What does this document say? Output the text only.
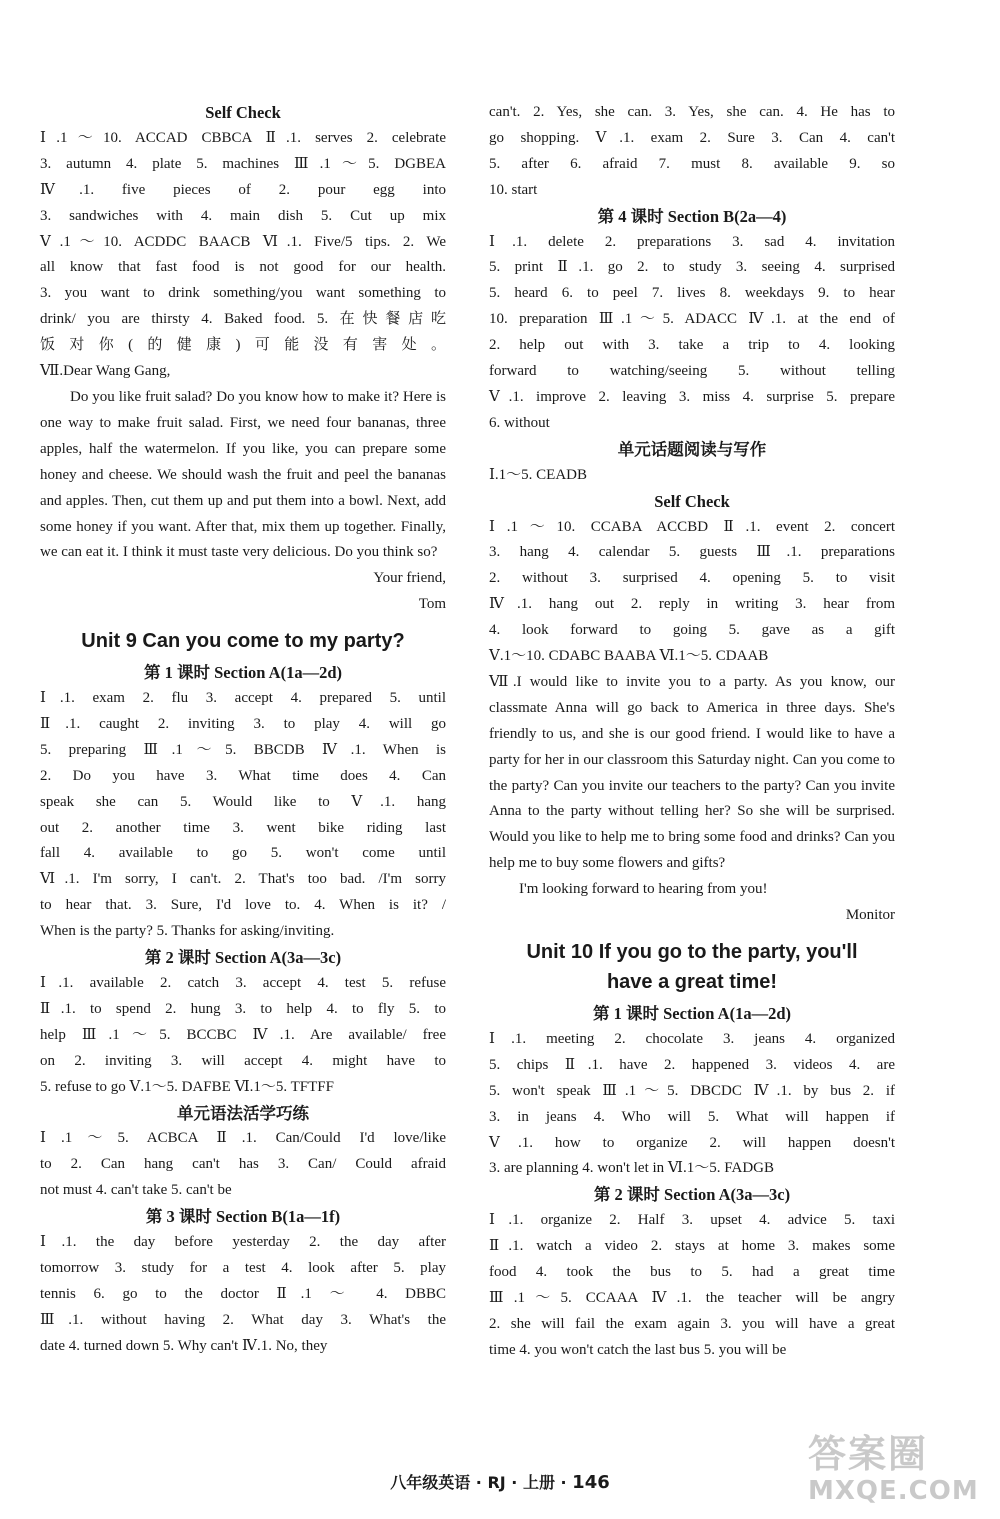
Self Check
Ⅰ.1～10. ACCAD CBBCA Ⅱ.1. serves 2. celebrate
3. autumn 4. plate 5. machines Ⅲ.1～5. DGBEA
Ⅳ.1. five pieces of 2. pour egg into
3. sandwiches with 4. main dish 5. Cut up mix
Ⅴ.1～10. ACDDC BAACB Ⅵ.1. Five/5 tips. 2. We
all know that fast food is not good for our health.
3. you want to drink something/you want something to
drink/ you are thirsty 4. Baked food. 5. 在快餐店吃
饭对你(的健康)可能没有害处。
Ⅶ.Dear Wang Gang,
Do you like fruit salad? Do you know how to make it? Here is one way to make fruit salad. First, we need four bananas, three apples, half the watermelon. If you like, you can prepare some honey and cheese. We should wash the fruit and peel the bananas and apples. Then, cut them up and put them into a bowl. Next, add some honey if you want. After that, mix them up together. Finally, we can eat it. I think it must taste very delicious. Do you think so?
Your friend,
Tom
Unit 9 Can you come to my party?
第 1 课时 Section A(1a—2d)
Ⅰ.1. exam 2. flu 3. accept 4. prepared 5. until
Ⅱ.1. caught 2. inviting 3. to play 4. will go
5. preparing Ⅲ.1～5. BBCDB Ⅳ.1. When is
2. Do you have 3. What time does 4. Can
speak she can 5. Would like to Ⅴ.1. hang
out 2. another time 3. went bike riding last
fall 4. available to go 5. won't come until
Ⅵ.1. I'm sorry, I can't. 2. That's too bad. /I'm sorry
to hear that. 3. Sure, I'd love to. 4. When is it? /
When is the party? 5. Thanks for asking/inviting.
第 2 课时 Section A(3a—3c)
Ⅰ.1. available 2. catch 3. accept 4. test 5. refuse
Ⅱ.1. to spend 2. hung 3. to help 4. to fly 5. to
help Ⅲ.1～5. BCCBC Ⅳ.1. Are available/ free
on 2. inviting 3. will accept 4. might have to
5. refuse to go Ⅴ.1～5. DAFBE Ⅵ.1～5. TFTFF
单元语法活学巧练
Ⅰ.1～5. ACBCA Ⅱ.1. Can/Could I'd love/like
to 2. Can hang can't has 3. Can/ Could afraid
not must 4. can't take 5. can't be
第 3 课时 Section B(1a—1f)
Ⅰ.1. the day before yesterday 2. the day after
tomorrow 3. study for a test 4. look after 5. play
tennis 6. go to the doctor Ⅱ.1 ～ 4. DBBC
Ⅲ.1. without having 2. What day 3. What's the
date 4. turned down 5. Why can't Ⅳ.1. No, they
can't. 2. Yes, she can. 3. Yes, she can. 4. He has to
go shopping. Ⅴ.1. exam 2. Sure 3. Can 4. can't
5. after 6. afraid 7. must 8. available 9. so
10. start
第 4 课时 Section B(2a—4)
Ⅰ.1. delete 2. preparations 3. sad 4. invitation
5. print Ⅱ.1. go 2. to study 3. seeing 4. surprised
5. heard 6. to peel 7. lives 8. weekdays 9. to hear
10. preparation Ⅲ.1～5. ADACC Ⅳ.1. at the end of
2. help out with 3. take a trip to 4. looking
forward to watching/seeing 5. without telling
Ⅴ.1. improve 2. leaving 3. miss 4. surprise 5. prepare
6. without
单元话题阅读与写作
Ⅰ.1～5. CEADB
Self Check
Ⅰ.1～10. CCABA ACCBD Ⅱ.1. event 2. concert
3. hang 4. calendar 5. guests Ⅲ.1. preparations
2. without 3. surprised 4. opening 5. to visit
Ⅳ.1. hang out 2. reply in writing 3. hear from
4. look forward to going 5. gave as a gift
Ⅴ.1～10. CDABC BAABA Ⅵ.1～5. CDAAB
Ⅶ.I would like to invite you to a party. As you know, our classmate Anna will go back to America in three days. She's friendly to us, and she is our good friend. I would like to have a party for her in our classroom this Saturday night. Can you come to the party? Can you invite our teachers to the party? Can you invite Anna to the party without telling her? So she will be surprised. Would you like to help me to bring some food and drinks? Can you help me to buy some flowers and gifts?
I'm looking forward to hearing from you!
Monitor
Unit 10 If you go to the party, you'll
have a great time!
第 1 课时 Section A(1a—2d)
Ⅰ.1. meeting 2. chocolate 3. jeans 4. organized
5. chips Ⅱ.1. have 2. happened 3. videos 4. are
5. won't speak Ⅲ.1～5. DBCDC Ⅳ.1. by bus 2. if
3. in jeans 4. Who will 5. What will happen if
Ⅴ.1. how to organize 2. will happen doesn't
3. are planning 4. won't let in Ⅵ.1～5. FADGB
第 2 课时 Section A(3a—3c)
Ⅰ.1. organize 2. Half 3. upset 4. advice 5. taxi
Ⅱ.1. watch a video 2. stays at home 3. makes some
food 4. took the bus to 5. had a great time
Ⅲ.1～5. CCAAA Ⅳ.1. the teacher will be angry
2. she will fail the exam again 3. you will have a great
time 4. you won't catch the last bus 5. you will be
八年级英语 · RJ · 上册 · 146
答案圈
MXQE.COM
